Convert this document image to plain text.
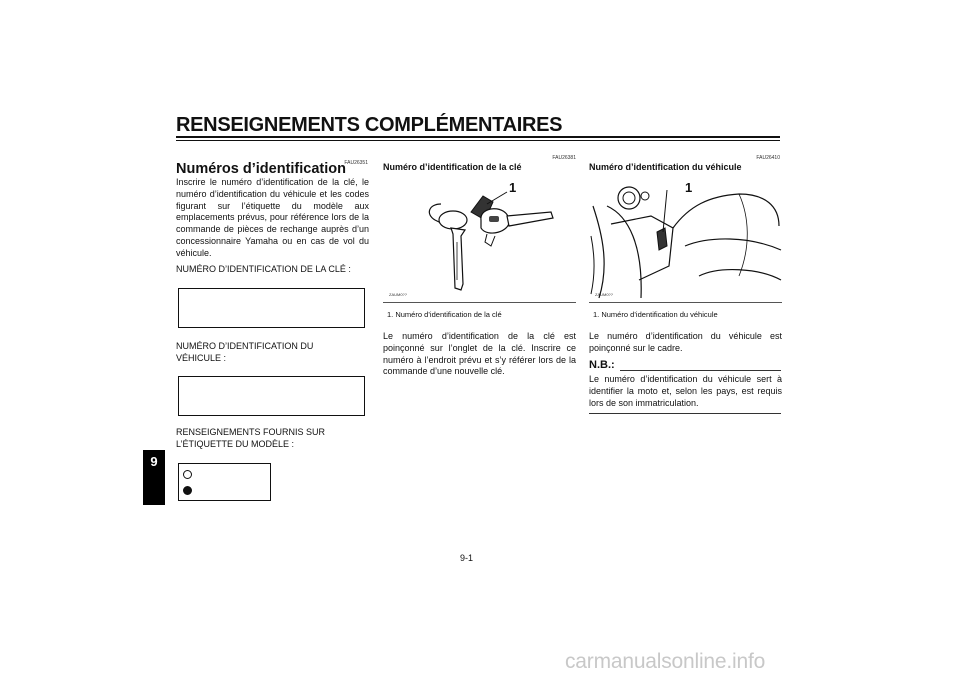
RENSEIGNEMENTS COMPLÉMENTAIRES
9
FAU26351
Numéros d’identification
Inscrire le numéro d’identification de la clé, le numéro d’identification du véhicule et les codes figurant sur l’étiquette du modèle aux emplacements prévus, pour référence lors de la commande de pièces de rechange auprès d’un concessionnaire Yamaha ou en cas de vol du véhicule.
NUMÉRO D’IDENTIFICATION DE LA CLÉ :
NUMÉRO D’IDENTIFICATION DU
VÉHICULE :
RENSEIGNEMENTS FOURNIS SUR
L’ÉTIQUETTE DU MODÈLE :
FAU26381
Numéro d’identification de la clé
1
ZAUM0??
1. Numéro d’identification de la clé
Le numéro d’identification de la clé est poinçonné sur l’onglet de la clé. Inscrire ce numéro à l’endroit prévu et s’y référer lors de la commande d’une nouvelle clé.
FAU26410
Numéro d’identification du véhicule
1
ZAUM0??
1. Numéro d’identification du véhicule
Le numéro d’identification du véhicule est poinçonné sur le cadre.
N.B.:
Le numéro d’identification du véhicule sert à identifier la moto et, selon les pays, est requis lors de son immatriculation.
9-1
carmanualsonline.info
